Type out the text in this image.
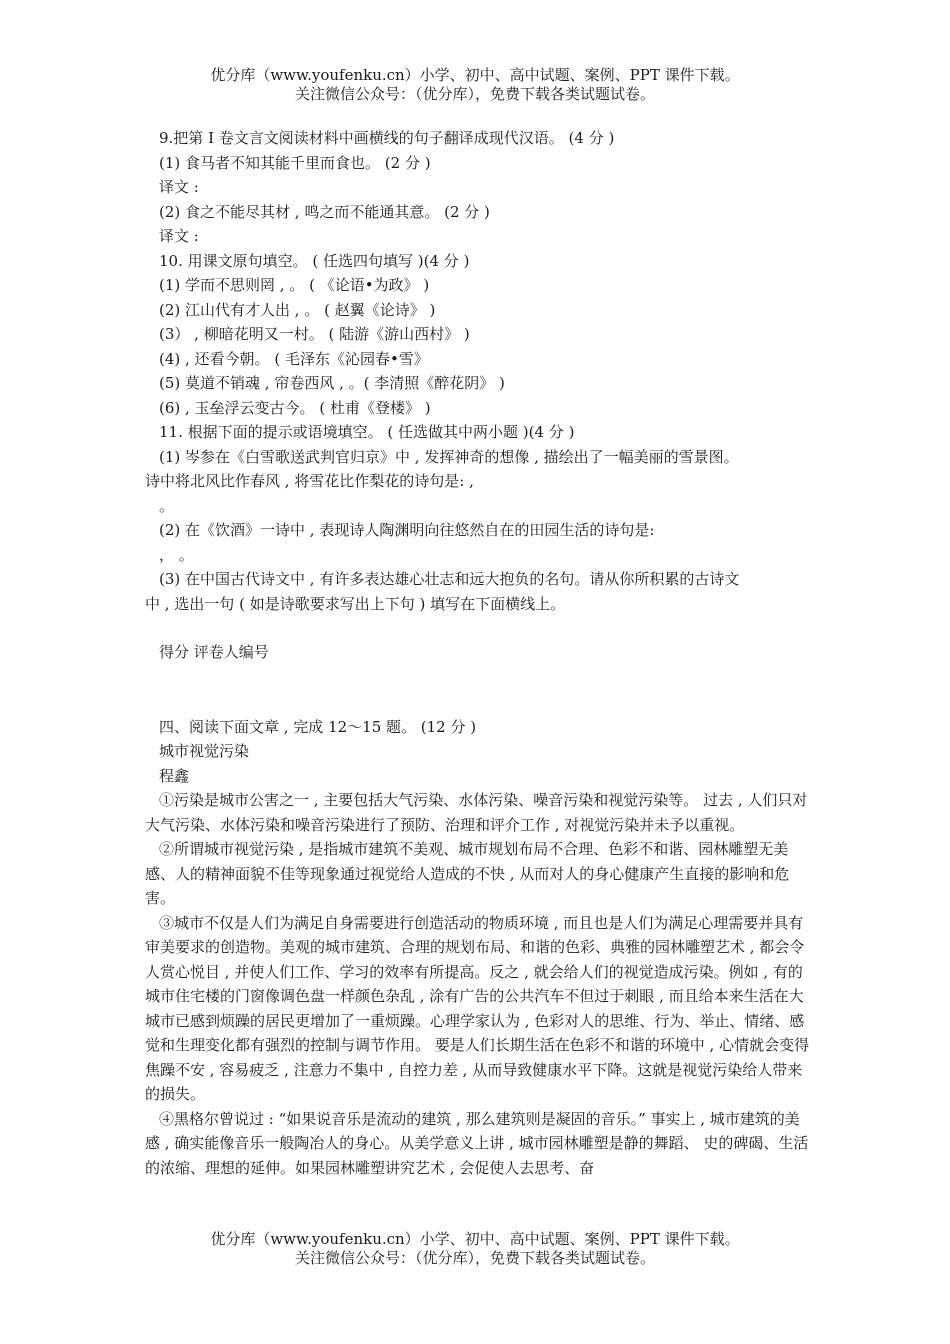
优分库（www.youfenku.cn）小学、初中、高中试题、案例、PPT 课件下载。
关注微信公众号：（优分库），免费下载各类试题试卷。

9.把第 I 卷文言文阅读材料中画横线的句子翻译成现代汉语。 (4 分 )

(1) 食马者不知其能千里而食也。 (2 分 )

译文 :

(2) 食之不能尽其材 , 鸣之而不能通其意。 (2 分 )

译文 :

10. 用课文原句填空。 ( 任选四句填写 )(4 分 )

(1) 学而不思则罔 , 。 ( 《论语•为政》 )

(2) 江山代有才人出 , 。 ( 赵翼《论诗》 )

(3） , 柳暗花明又一村。 ( 陆游《游山西村》 )

(4) , 还看今朝。 ( 毛泽东《沁园春•雪》

(5) 莫道不销魂 , 帘卷西风 , 。( 李清照《醉花阴》 )

(6) , 玉垒浮云变古今。 ( 杜甫《登楼》 )

11. 根据下面的提示或语境填空。 ( 任选做其中两小题 )(4 分 )

(1) 岑参在《白雪歌送武判官归京》中 , 发挥神奇的想像 , 描绘出了一幅美丽的雪景图。

诗中将北风比作春风 , 将雪花比作梨花的诗句是: ,

。

(2) 在《饮酒》一诗中 , 表现诗人陶渊明向往悠然自在的田园生活的诗句是:

， 。

(3) 在中国古代诗文中 , 有许多表达雄心壮志和远大抱负的名句。请从你所积累的古诗文

中 , 选出一句 ( 如是诗歌要求写出上下句 ) 填写在下面横线上。

得分 评卷人编号

四、阅读下面文章 , 完成 12～15 题。 (12 分 )

城市视觉污染

程鑫

①污染是城市公害之一 , 主要包括大气污染、水体污染、噪音污染和视觉污染等。 过去 , 人们只对大气污染、水体污染和噪音污染进行了预防、治理和评介工作 , 对视觉污染并未予以重视。

②所谓城市视觉污染 , 是指城市建筑不美观、城市规划布局不合理、色彩不和谐、园林雕塑无美感、人的精神面貌不佳等现象通过视觉给人造成的不快 , 从而对人的身心健康产生直接的影响和危害。

③城市不仅是人们为满足自身需要进行创造活动的物质环境 , 而且也是人们为满足心理需要并具有审美要求的创造物。美观的城市建筑、合理的规划布局、和谐的色彩、典雅的园林雕塑艺术 , 都会令人赏心悦目 , 并使人们工作、学习的效率有所提高。反之 , 就会给人们的视觉造成污染。例如 , 有的城市住宅楼的门窗像调色盘一样颜色杂乱 , 涂有广告的公共汽车不但过于刺眼 , 而且给本来生活在大城市已感到烦躁的居民更增加了一重烦躁。心理学家认为 , 色彩对人的思维、行为、举止、情绪、感觉和生理变化都有强烈的控制与调节作用。 要是人们长期生活在色彩不和谐的环境中 , 心情就会变得焦躁不安 , 容易疲乏 , 注意力不集中 , 自控力差 , 从而导致健康水平下降。这就是视觉污染给人带来的损失。

④黑格尔曾说过 : “如果说音乐是流动的建筑 , 那么建筑则是凝固的音乐。” 事实上 , 城市建筑的美感 , 确实能像音乐一般陶冶人的身心。从美学意义上讲 , 城市园林雕塑是静的舞蹈、 史的碑碣、生活的浓缩、理想的延伸。如果园林雕塑讲究艺术 , 会促使人去思考、奋

优分库（www.youfenku.cn）小学、初中、高中试题、案例、PPT 课件下载。
关注微信公众号：（优分库），免费下载各类试题试卷。
